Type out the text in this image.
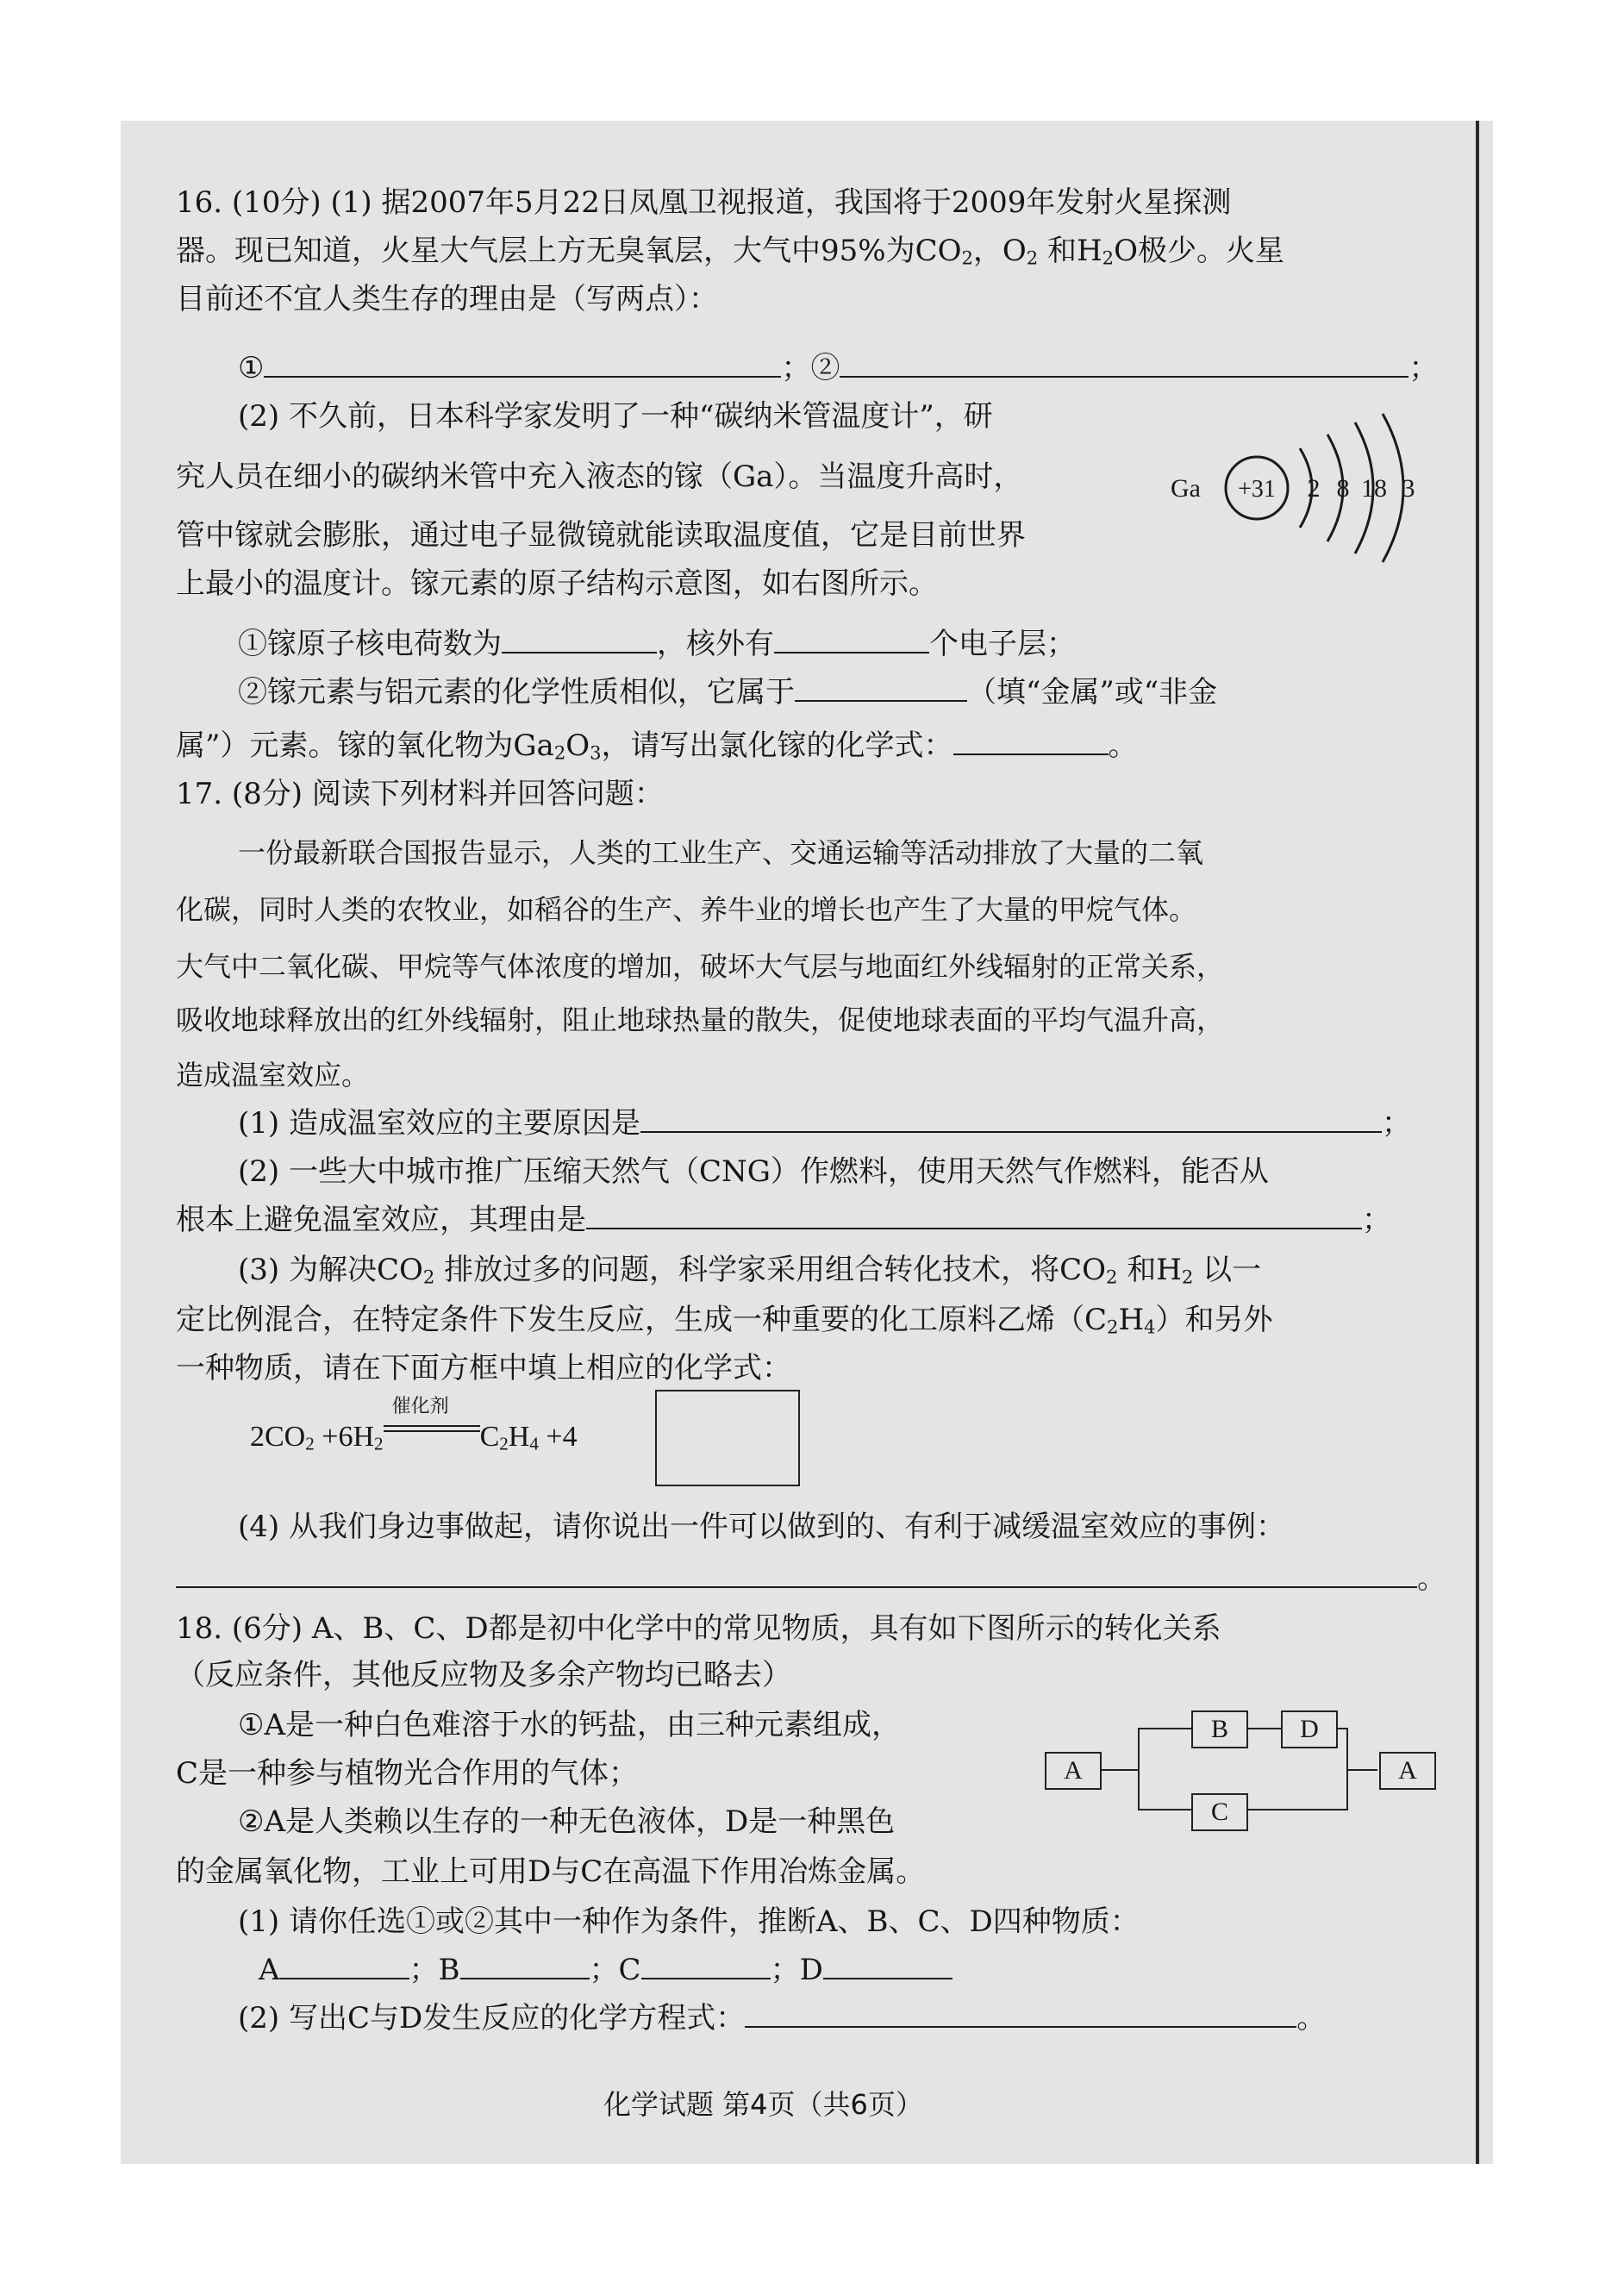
16. (10分) (1) 据2007年5月22日凤凰卫视报道，我国将于2009年发射火星探测
器。现已知道，火星大气层上方无臭氧层，大气中95%为$CO_2$，$O_2$ 和$H_2O$极少。火星
目前还不宜人类生存的理由是（写两点）：
①	；②	；
(2) 不久前，日本科学家发明了一种“碳纳米管温度计”，研
究人员在细小的碳纳米管中充入液态的镓（Ga）。当温度升高时，
管中镓就会膨胀，通过电子显微镜就能读取温度值，它是目前世界
上最小的温度计。镓元素的原子结构示意图，如右图所示。
Ga +31 2 8 18 3
①镓原子核电荷数为	，核外有	个电子层；
②镓元素与铝元素的化学性质相似，它属于	（填“金属”或“非金
属”）元素。镓的氧化物为$Ga_2O_3$，请写出氯化镓的化学式：	。
17. (8分) 阅读下列材料并回答问题：
一份最新联合国报告显示，人类的工业生产、交通运输等活动排放了大量的二氧
化碳，同时人类的农牧业，如稻谷的生产、养牛业的增长也产生了大量的甲烷气体。
大气中二氧化碳、甲烷等气体浓度的增加，破坏大气层与地面红外线辐射的正常关系，
吸收地球释放出的红外线辐射，阻止地球热量的散失，促使地球表面的平均气温升高，
造成温室效应。
(1) 造成温室效应的主要原因是	；
(2) 一些大中城市推广压缩天然气（CNG）作燃料，使用天然气作燃料，能否从
根本上避免温室效应，其理由是	；
(3) 为解决$CO_2$ 排放过多的问题，科学家采用组合转化技术，将$CO_2$ 和$H_2$ 以一
定比例混合，在特定条件下发生反应，生成一种重要的化工原料乙烯$(C_2H_4)$和另外
一种物质，请在下面方框中填上相应的化学式：
$2CO_2 +6H_2$
催化剂
$C_2H_4 +4$
(4) 从我们身边事做起，请你说出一件可以做到的、有利于减缓温室效应的事例：
。
18. (6分) A、B、C、D都是初中化学中的常见物质，具有如下图所示的转化关系
（反应条件，其他反应物及多余产物均已略去）
①A是一种白色难溶于水的钙盐，由三种元素组成，
C是一种参与植物光合作用的气体；
②A是人类赖以生存的一种无色液体，D是一种黑色
的金属氧化物，工业上可用D与C在高温下作用冶炼金属。
A
B	D
C
A
(1) 请你任选①或②其中一种作为条件，推断A、B、C、D四种物质：
A	；B	；C	；D
(2) 写出C与D发生反应的化学方程式：	。
化学试题 第4页（共6页）
